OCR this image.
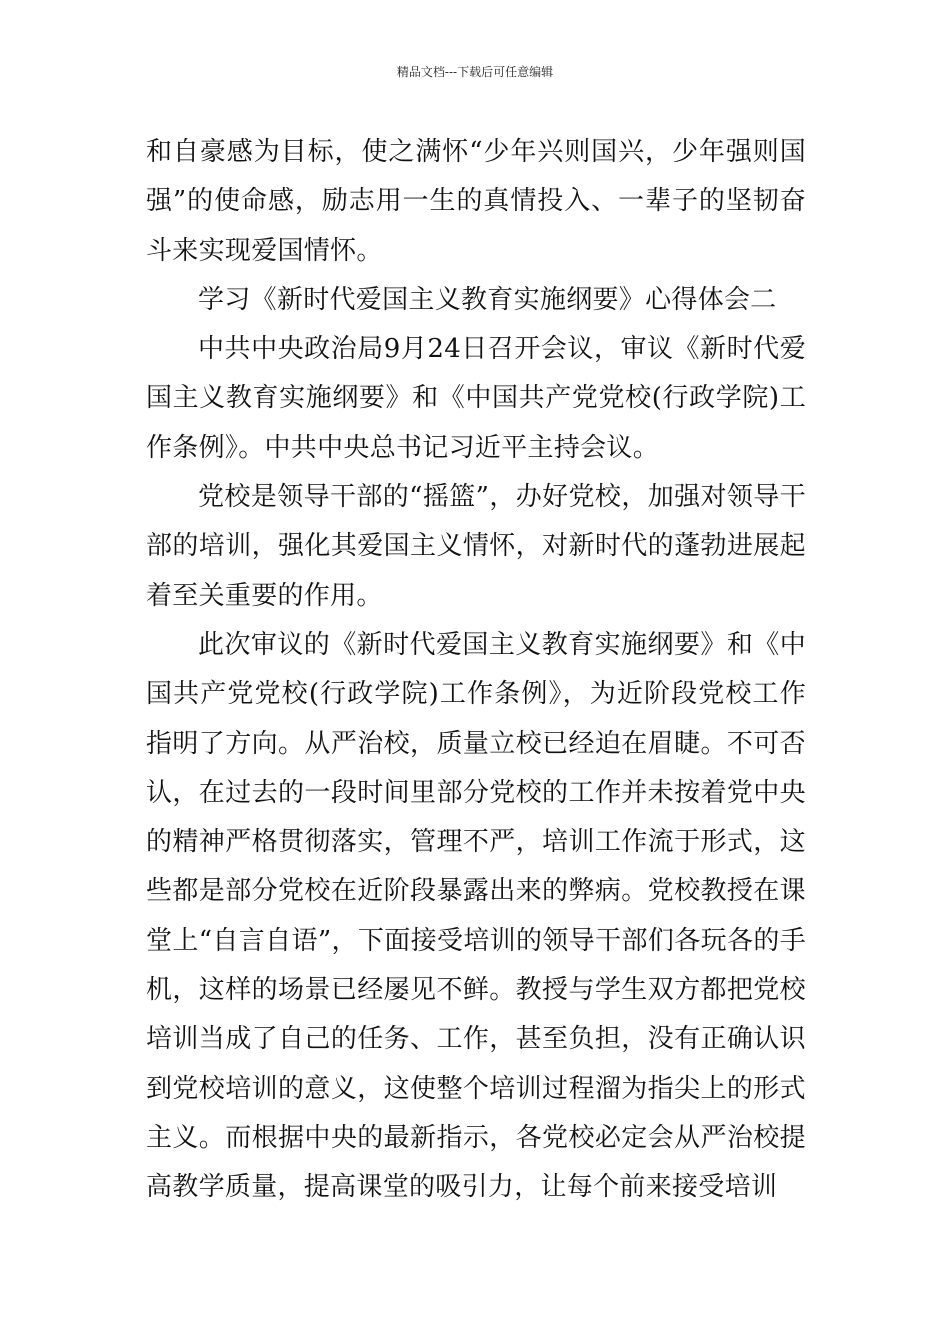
精品文档---下载后可任意编辑

和自豪感为目标，使之满怀“少年兴则国兴，少年强则国强”的使命感，励志用一生的真情投入、一辈子的坚韧奋斗来实现爱国情怀。

学习《新时代爱国主义教育实施纲要》心得体会二

中共中央政治局9月24日召开会议，审议《新时代爱国主义教育实施纲要》和《中国共产党党校(行政学院)工作条例》。中共中央总书记习近平主持会议。

党校是领导干部的“摇篮”，办好党校，加强对领导干部的培训，强化其爱国主义情怀，对新时代的蓬勃进展起着至关重要的作用。

此次审议的《新时代爱国主义教育实施纲要》和《中国共产党党校(行政学院)工作条例》，为近阶段党校工作指明了方向。从严治校，质量立校已经迫在眉睫。不可否认，在过去的一段时间里部分党校的工作并未按着党中央的精神严格贯彻落实，管理不严，培训工作流于形式，这些都是部分党校在近阶段暴露出来的弊病。党校教授在课堂上“自言自语”，下面接受培训的领导干部们各玩各的手机，这样的场景已经屡见不鲜。教授与学生双方都把党校培训当成了自己的任务、工作，甚至负担，没有正确认识到党校培训的意义，这使整个培训过程溜为指尖上的形式主义。而根据中央的最新指示，各党校必定会从严治校提高教学质量，提高课堂的吸引力，让每个前来接受培训
